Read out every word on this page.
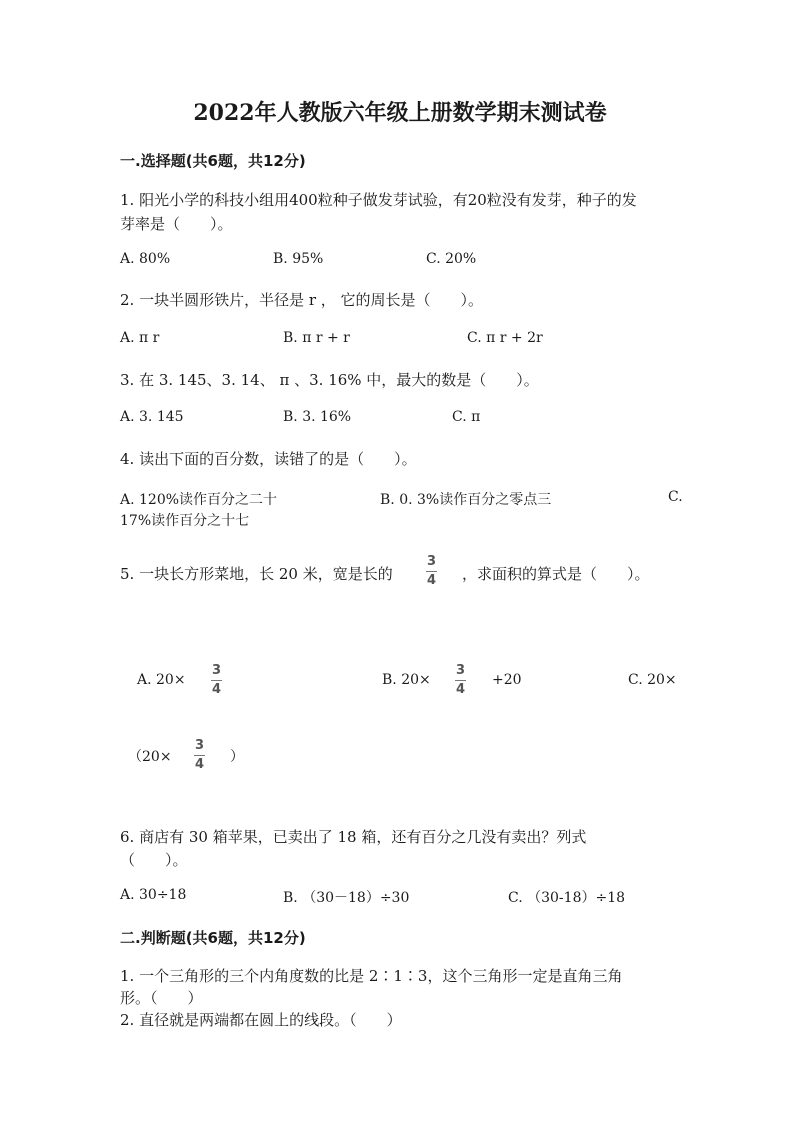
2022年人教版六年级上册数学期末测试卷
一.选择题(共6题，共12分)
1. 阳光小学的科技小组用400粒种子做发芽试验，有20粒没有发芽，种子的发
芽率是（　　）。
A. 80%	B. 95%	C. 20%
2. 一块半圆形铁片，半径是 r ， 它的周长是（　　）。
A. π r	B. π r + r	C. π r + 2r
3. 在 3. 145、3. 14、 π 、3. 16% 中，最大的数是（　　）。
A. 3. 145	B. 3. 16%	C. π
4. 读出下面的百分数，读错了的是（　　）。
A. 120%读作百分之二十	B. 0. 3%读作百分之零点三	C.
17%读作百分之十七
5. 一块长方形菜地，长 20 米，宽是长的
3
4 ，求面积的算式是（　　）。
A. 20×
3
4
B. 20×
3
4
+20	C. 20×
（20×
3
4 ）
6. 商店有 30 箱苹果，已卖出了 18 箱，还有百分之几没有卖出？列式
（　　）。
A. 30÷18	B. （30－18）÷30	C. （30-18）÷18
二.判断题(共6题，共12分)
1. 一个三角形的三个内角度数的比是 2∶1∶3，这个三角形一定是直角三角
形。（　　）
2. 直径就是两端都在圆上的线段。（　　）
